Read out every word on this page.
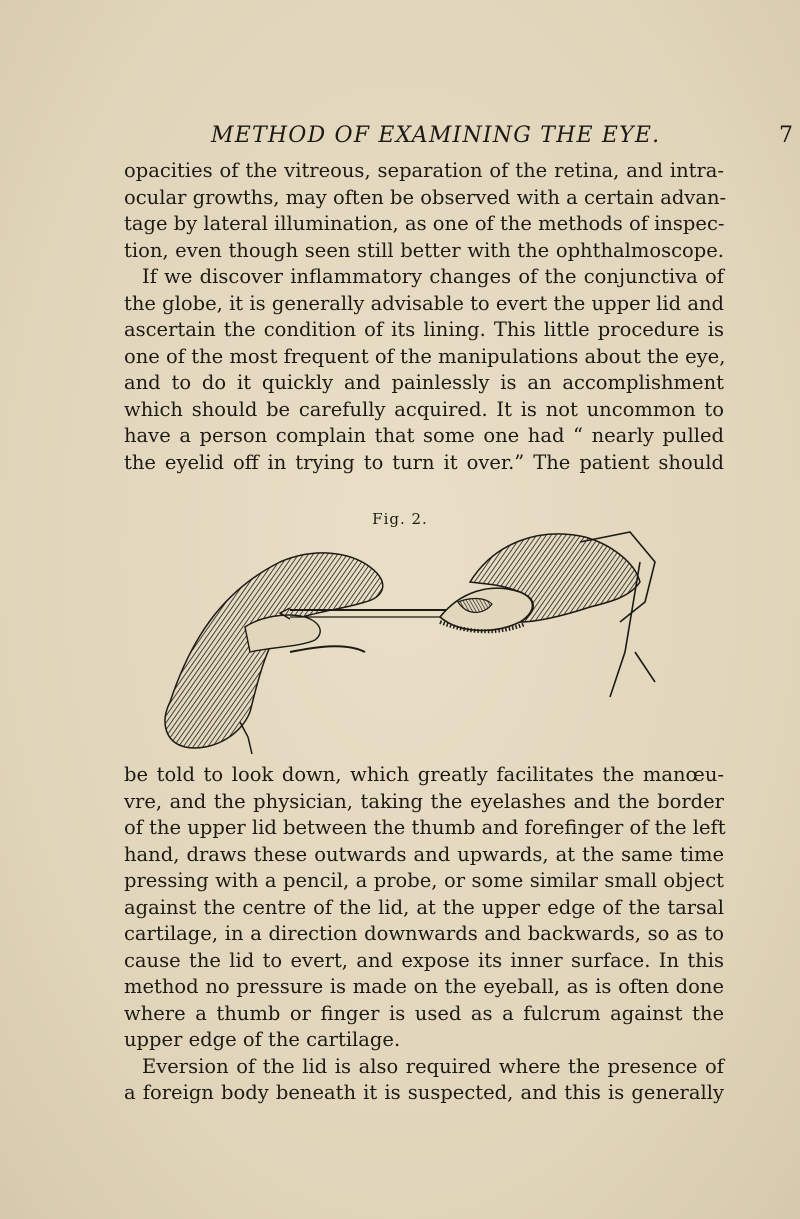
METHOD OF EXAMINING THE EYE.	7
opacities of the vitreous, separation of the retina, and intra-
ocular growths, may often be observed with a certain advan-
tage by lateral illumination, as one of the methods of inspec-
tion, even though seen still better with the ophthalmoscope.
If we discover inflammatory changes of the conjunctiva of
the globe, it is generally advisable to evert the upper lid and
ascertain the condition of its lining. This little procedure is
one of the most frequent of the manipulations about the eye,
and to do it quickly and painlessly is an accomplishment
which should be carefully acquired. It is not uncommon to
have a person complain that some one had “ nearly pulled
the eyelid off in trying to turn it over.” The patient should
Fig. 2.
be told to look down, which greatly facilitates the manœu-
vre, and the physician, taking the eyelashes and the border
of the upper lid between the thumb and forefinger of the left
hand, draws these outwards and upwards, at the same time
pressing with a pencil, a probe, or some similar small object
against the centre of the lid, at the upper edge of the tarsal
cartilage, in a direction downwards and backwards, so as to
cause the lid to evert, and expose its inner surface. In this
method no pressure is made on the eyeball, as is often done
where a thumb or finger is used as a fulcrum against the
upper edge of the cartilage.
Eversion of the lid is also required where the presence of
a foreign body beneath it is suspected, and this is generally
